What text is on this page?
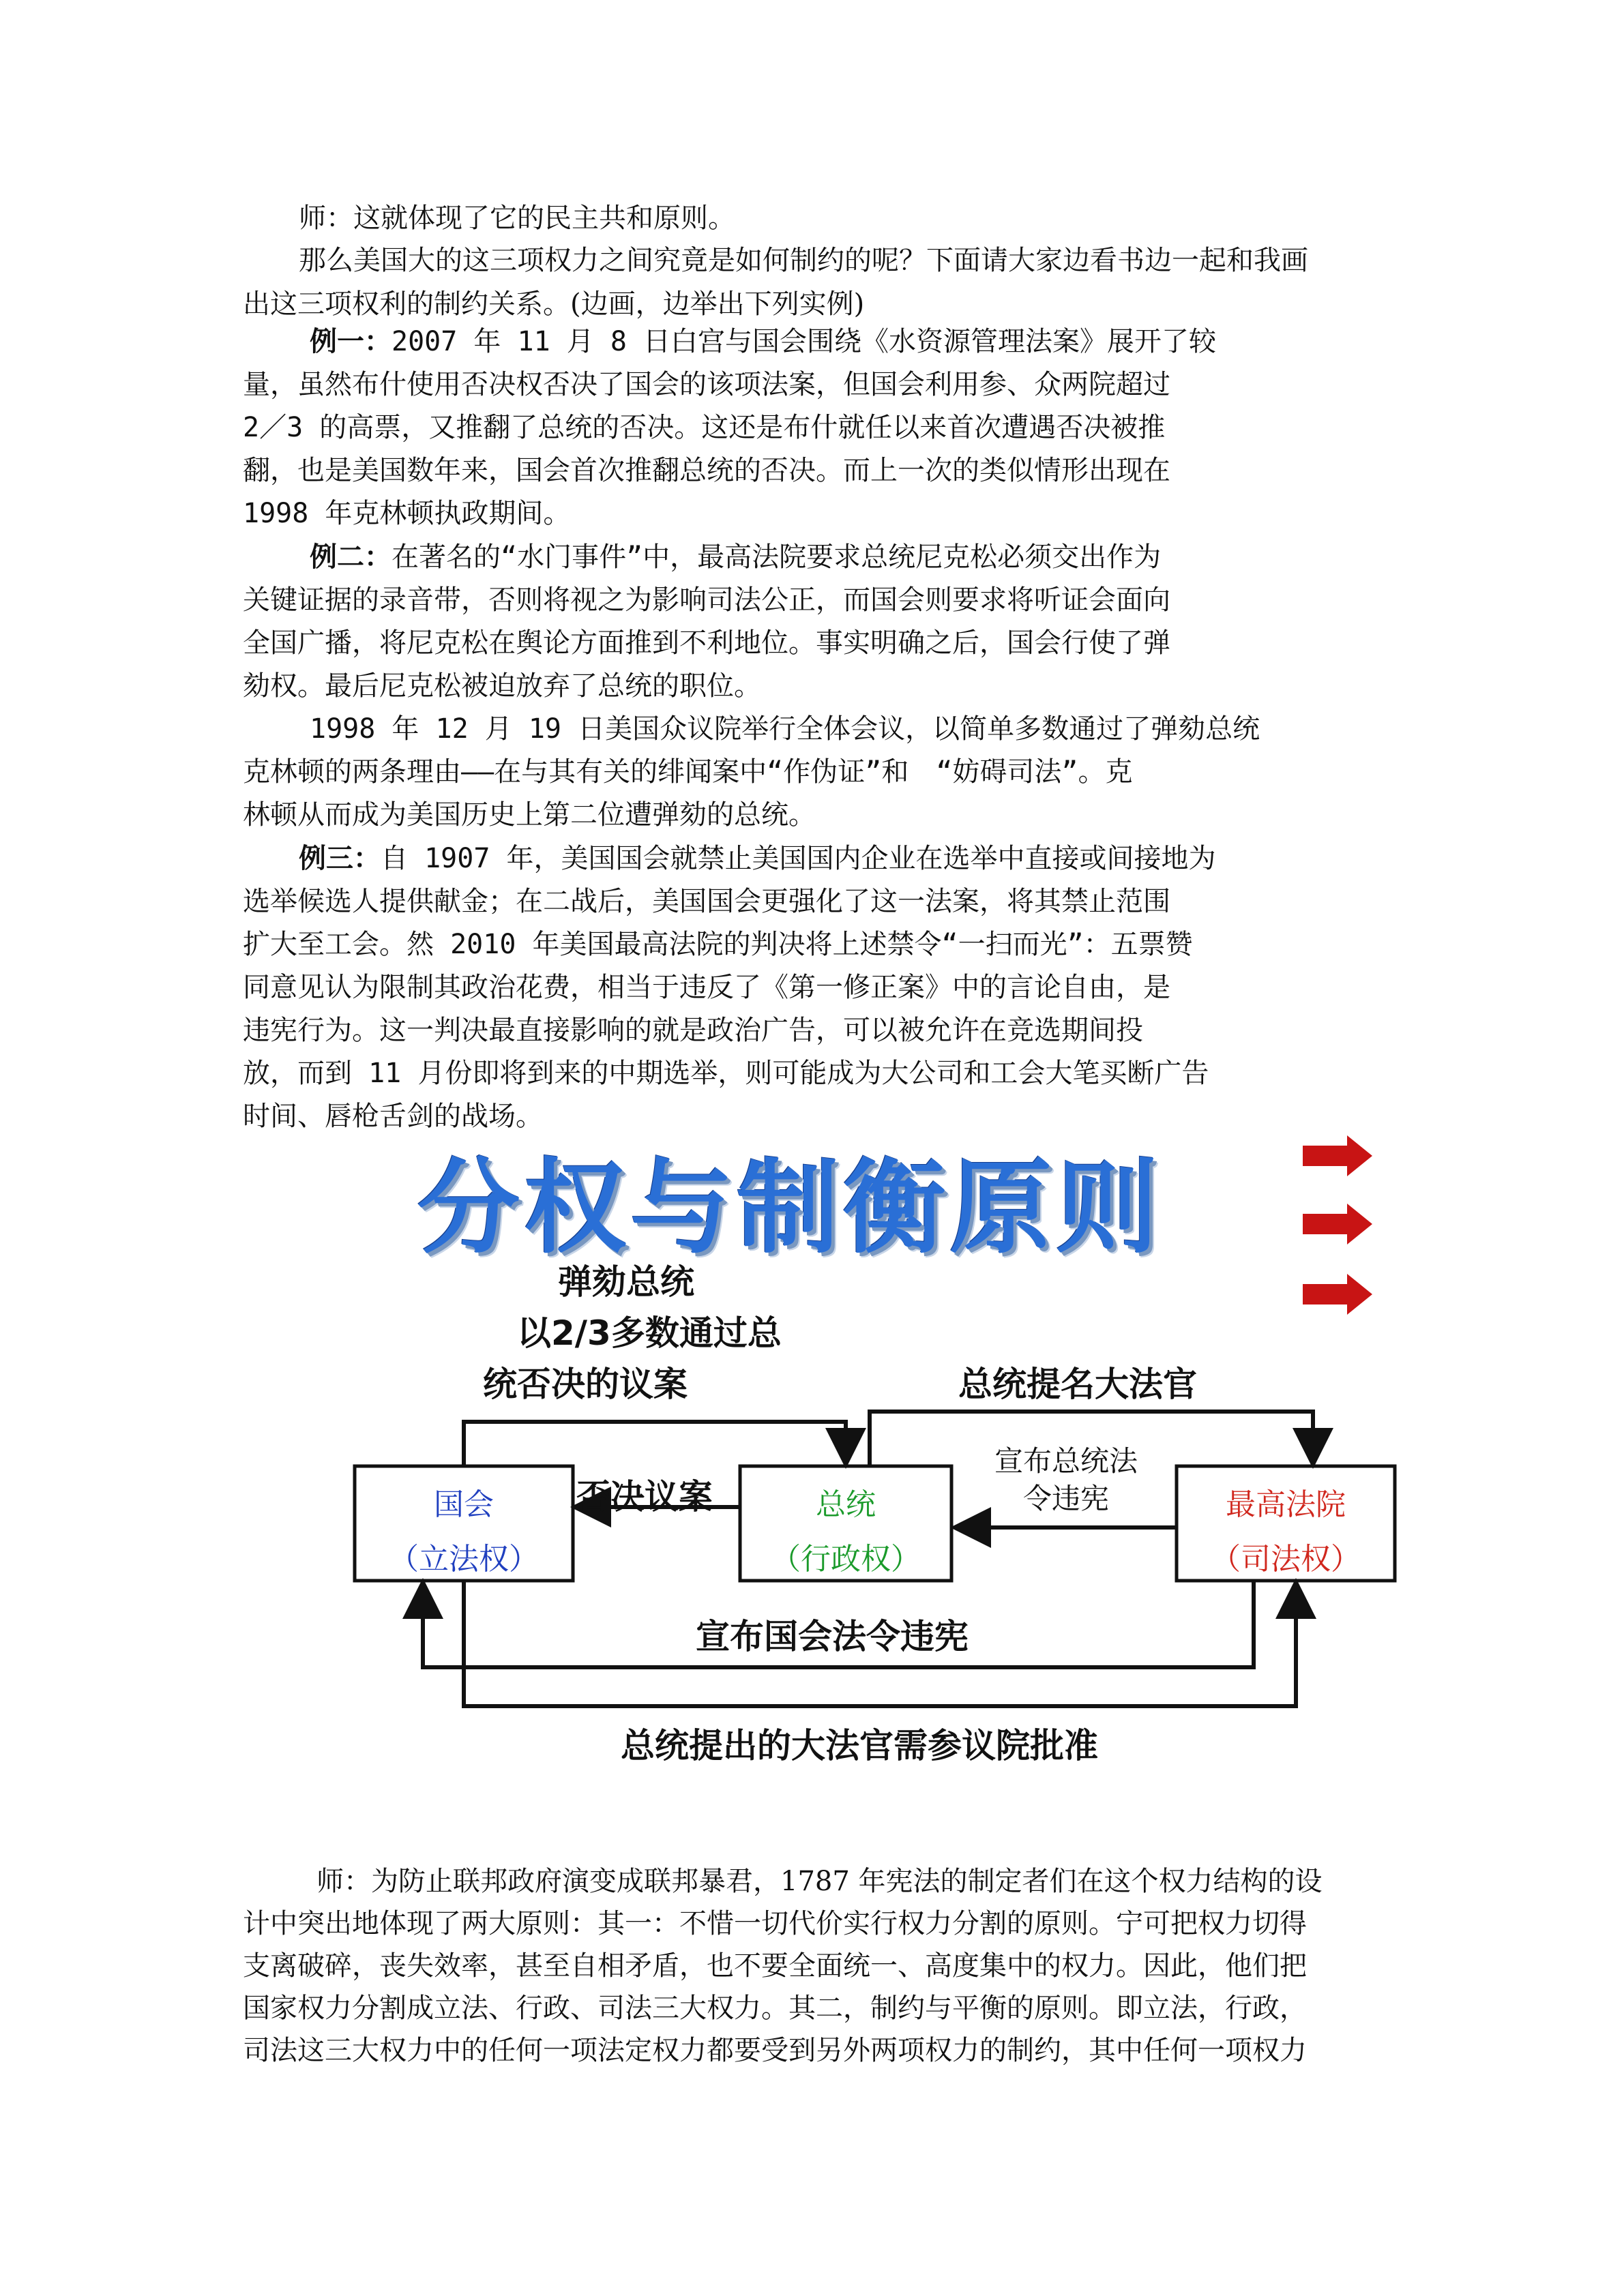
师：这就体现了它的民主共和原则。

那么美国大的这三项权力之间究竟是如何制约的呢？下面请大家边看书边一起和我画
出这三项权利的制约关系。(边画，边举出下列实例)

例一：2007 年 11 月 8 日白宫与国会围绕《水资源管理法案》展开了较
量，虽然布什使用否决权否决了国会的该项法案，但国会利用参、众两院超过
2／3 的高票，又推翻了总统的否决。这还是布什就任以来首次遭遇否决被推
翻，也是美国数年来，国会首次推翻总统的否决。而上一次的类似情形出现在
1998 年克林顿执政期间。

例二：在著名的“水门事件”中，最高法院要求总统尼克松必须交出作为
关键证据的录音带，否则将视之为影响司法公正，而国会则要求将听证会面向
全国广播，将尼克松在舆论方面推到不利地位。事实明确之后，国会行使了弹
劾权。最后尼克松被迫放弃了总统的职位。

1998 年 12 月 19 日美国众议院举行全体会议，以简单多数通过了弹劾总统
克林顿的两条理由——在与其有关的绯闻案中“作伪证”和　“妨碍司法”。克
林顿从而成为美国历史上第二位遭弹劾的总统。

例三：自 1907 年，美国国会就禁止美国国内企业在选举中直接或间接地为
选举候选人提供献金；在二战后，美国国会更强化了这一法案，将其禁止范围
扩大至工会。然 2010 年美国最高法院的判决将上述禁令“一扫而光”：五票赞
同意见认为限制其政治花费，相当于违反了《第一修正案》中的言论自由，是
违宪行为。这一判决最直接影响的就是政治广告，可以被允许在竞选期间投
放，而到 11 月份即将到来的中期选举，则可能成为大公司和工会大笔买断广告
时间、唇枪舌剑的战场。

分权与制衡原则
弹劾总统
以2/3多数通过总
统否决的议案	总统提名大法官
宣布总统法
令违宪
否决议案
宣布国会法令违宪
总统提出的大法官需参议院批准
国会
（立法权）
总统
（行政权）
最高法院
（司法权）

师：为防止联邦政府演变成联邦暴君，1787 年宪法的制定者们在这个权力结构的设
计中突出地体现了两大原则：其一：不惜一切代价实行权力分割的原则。宁可把权力切得
支离破碎，丧失效率，甚至自相矛盾，也不要全面统一、高度集中的权力。因此，他们把
国家权力分割成立法、行政、司法三大权力。其二，制约与平衡的原则。即立法，行政，
司法这三大权力中的任何一项法定权力都要受到另外两项权力的制约，其中任何一项权力
